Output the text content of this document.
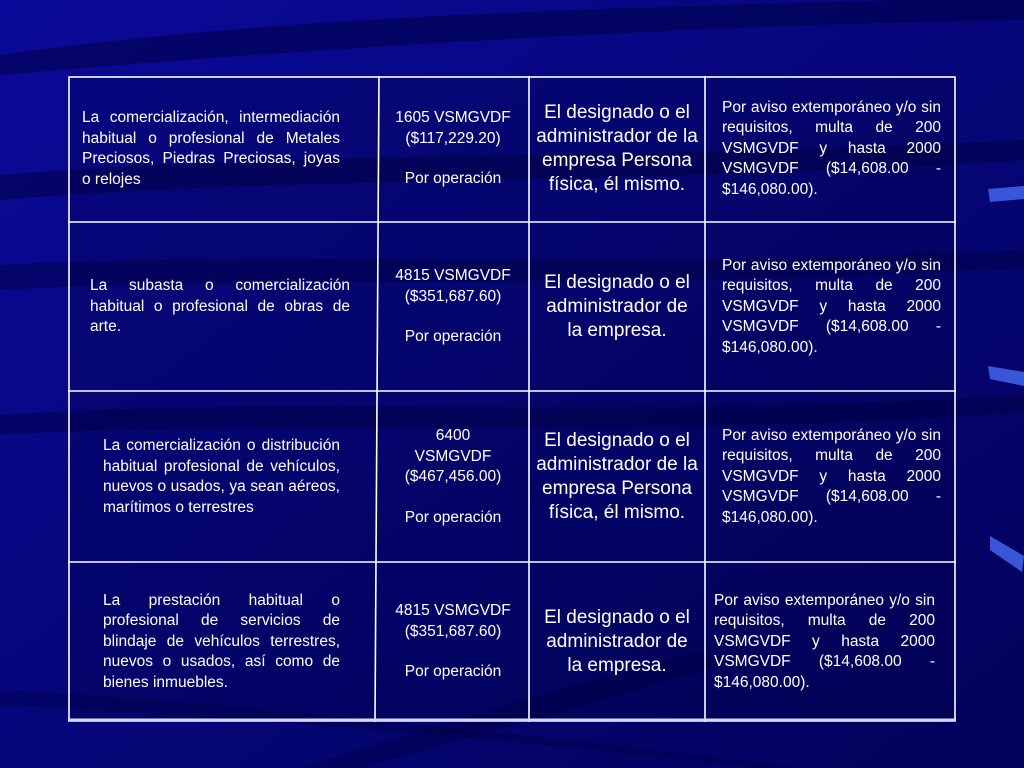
La comercialización, intermediación habitual o profesional de Metales Preciosos, Piedras Preciosas, joyas o relojes
1605 VSMGVDF
($117,229.20)
Por operación
El designado o el administrador de la empresa Persona física, él mismo.
Por aviso extemporáneo y/o sin requisitos, multa de 200 VSMGVDF y hasta 2000 VSMGVDF ($14,608.00 - $146,080.00).
La subasta o comercialización habitual o profesional de obras de arte.
4815 VSMGVDF
($351,687.60)
Por operación
El designado o el administrador de la empresa.
Por aviso extemporáneo y/o sin requisitos, multa de 200 VSMGVDF y hasta 2000 VSMGVDF ($14,608.00 - $146,080.00).
La comercialización o distribución habitual profesional de vehículos, nuevos o usados, ya sean aéreos, marítimos o terrestres
6400
VSMGVDF
($467,456.00)
Por operación
El designado o el administrador de la empresa Persona física, él mismo.
Por aviso extemporáneo y/o sin requisitos, multa de 200 VSMGVDF y hasta 2000 VSMGVDF ($14,608.00 - $146,080.00).
La prestación habitual o profesional de servicios de blindaje de vehículos terrestres, nuevos o usados, así como de bienes inmuebles.
4815 VSMGVDF
($351,687.60)
Por operación
El designado o el administrador de la empresa.
Por aviso extemporáneo y/o sin requisitos, multa de 200 VSMGVDF y hasta 2000 VSMGVDF ($14,608.00 - $146,080.00).
